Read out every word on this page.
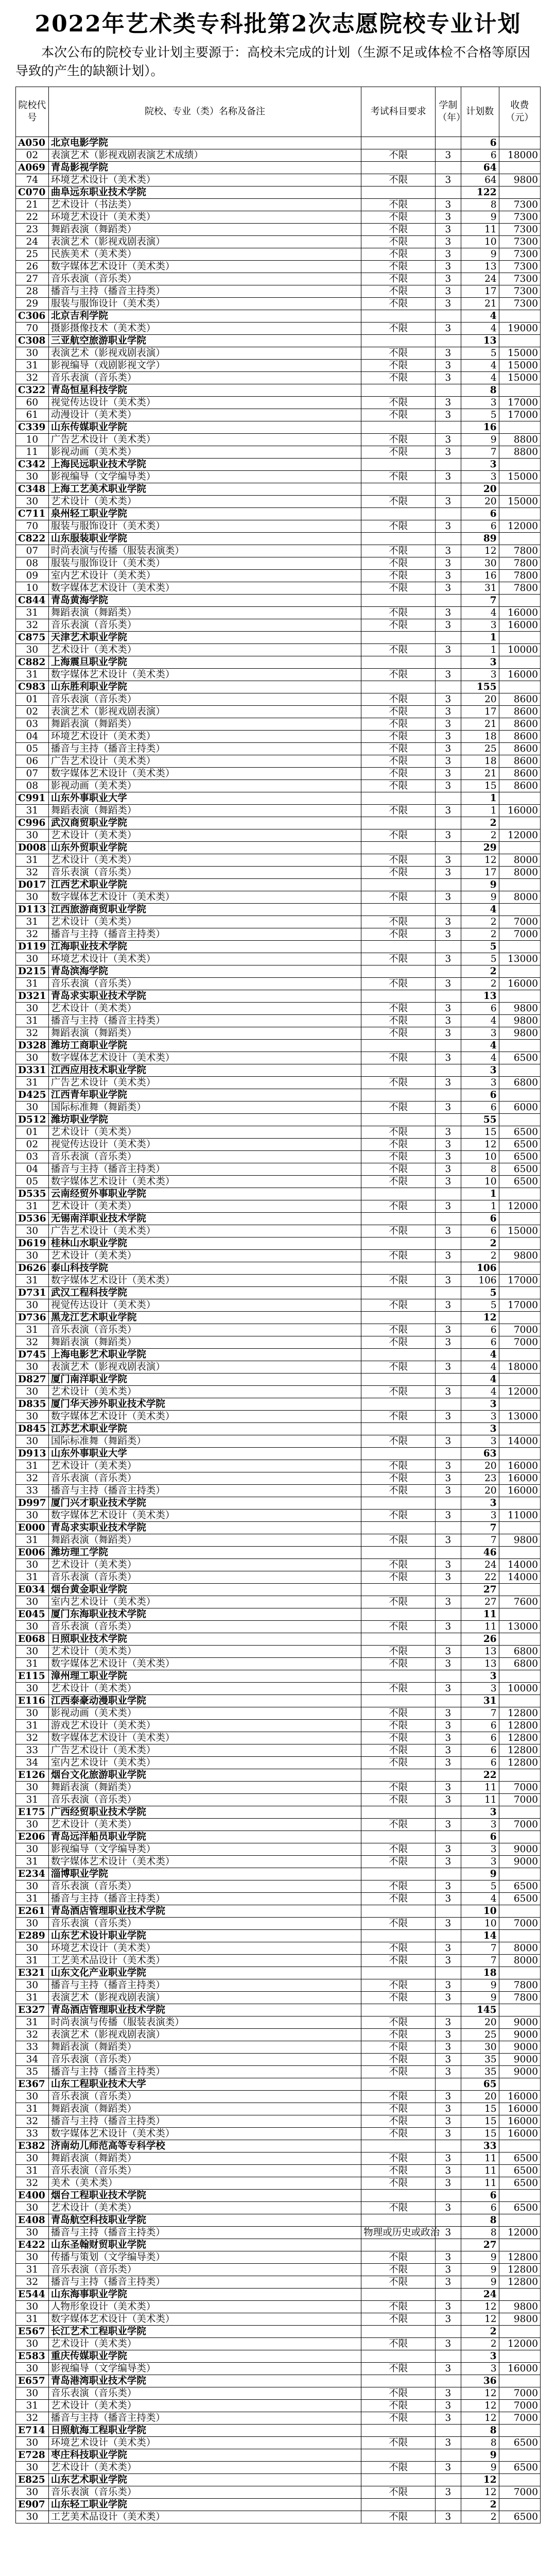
2022年艺术类专科批第2次志愿院校专业计划
本次公布的院校专业计划主要源于：高校未完成的计划（生源不足或体检不合格等原因导致的产生的缺额计划）。
院校代号	院校、专业（类）名称及备注	考试科目要求	学制（年）	计划数	收费（元）
A050	北京电影学院			6	
02	表演艺术（影视戏剧表演艺术成绩）	不限	3	6	18000
A069	青岛影视学院			64	
74	环境艺术设计（美术类）	不限	3	64	9800
C070	曲阜远东职业技术学院			122	
21	艺术设计（书法类）	不限	3	8	7300
22	环境艺术设计（美术类）	不限	3	9	7300
23	舞蹈表演（舞蹈类）	不限	3	11	7300
24	表演艺术（影视戏剧表演）	不限	3	10	7300
25	民族美术（美术类）	不限	3	9	7300
26	数字媒体艺术设计（美术类）	不限	3	13	7300
27	音乐表演（音乐类）	不限	3	24	7300
28	播音与主持（播音主持类）	不限	3	17	7300
29	服装与服饰设计（美术类）	不限	3	21	7300
C306	北京吉利学院			4	
70	摄影摄像技术（美术类）	不限	3	4	19000
C308	三亚航空旅游职业学院			13	
30	表演艺术（影视戏剧表演）	不限	3	5	15000
31	影视编导（戏剧影视文学）	不限	3	4	15000
32	音乐表演（音乐类）	不限	3	4	15000
C322	青岛恒星科技学院			8	
60	视觉传达设计（美术类）	不限	3	3	17000
61	动漫设计（美术类）	不限	3	5	17000
C339	山东传媒职业学院			16	
10	广告艺术设计（美术类）	不限	3	9	8800
11	影视动画（美术类）	不限	3	7	8800
C342	上海民远职业技术学院			3	
30	影视编导（文学编导类）	不限	3	3	15000
C348	上海工艺美术职业学院			20	
30	艺术设计（美术类）	不限	3	20	15000
C711	泉州轻工职业学院			6	
70	服装与服饰设计（美术类）	不限	3	6	12000
C822	山东服装职业学院			89	
07	时尚表演与传播（服装表演类）	不限	3	12	7800
08	服装与服饰设计（美术类）	不限	3	30	7800
09	室内艺术设计（美术类）	不限	3	16	7800
10	数字媒体艺术设计（美术类）	不限	3	31	7800
C844	青岛黄海学院			7	
31	舞蹈表演（舞蹈类）	不限	3	4	16000
32	音乐表演（音乐类）	不限	3	3	16000
C875	天津艺术职业学院			1	
30	艺术设计（美术类）	不限	3	1	10000
C882	上海震旦职业学院			3	
31	数字媒体艺术设计（美术类）	不限	3	3	16000
C983	山东胜利职业学院			155	
01	音乐表演（音乐类）	不限	3	20	8600
02	表演艺术（影视戏剧表演）	不限	3	17	8600
03	舞蹈表演（舞蹈类）	不限	3	21	8600
04	环境艺术设计（美术类）	不限	3	18	8600
05	播音与主持（播音主持类）	不限	3	25	8600
06	广告艺术设计（美术类）	不限	3	18	8600
07	数字媒体艺术设计（美术类）	不限	3	21	8600
08	影视动画（美术类）	不限	3	15	8600
C991	山东外事职业大学			1	
31	舞蹈表演（舞蹈类）	不限	3	1	16000
C996	武汉商贸职业学院			2	
30	艺术设计（美术类）	不限	3	2	12000
D008	山东外贸职业学院			29	
31	艺术设计（美术类）	不限	3	12	8000
32	音乐表演（音乐类）	不限	3	17	8000
D017	江西艺术职业学院			9	
30	数字媒体艺术设计（美术类）	不限	3	9	8000
D113	江西旅游商贸职业学院			4	
31	艺术设计（美术类）	不限	3	2	7000
32	播音与主持（播音主持类）	不限	3	2	7000
D119	江海职业技术学院			5	
30	环境艺术设计（美术类）	不限	3	5	13000
D215	青岛滨海学院			2	
31	音乐表演（音乐类）	不限	3	2	16000
D321	青岛求实职业技术学院			13	
30	艺术设计（美术类）	不限	3	6	9800
31	播音与主持（播音主持类）	不限	3	4	9800
32	舞蹈表演（舞蹈类）	不限	3	3	9800
D328	潍坊工商职业学院			4	
30	数字媒体艺术设计（美术类）	不限	3	4	6500
D331	江西应用技术职业学院			3	
31	广告艺术设计（美术类）	不限	3	3	6800
D425	江西青年职业学院			6	
30	国际标准舞（舞蹈类）	不限	3	6	6000
D512	潍坊职业学院			55	
01	艺术设计（美术类）	不限	3	15	6500
02	视觉传达设计（美术类）	不限	3	12	6500
03	音乐表演（音乐类）	不限	3	10	6500
04	播音与主持（播音主持类）	不限	3	8	6500
05	数字媒体艺术设计（美术类）	不限	3	10	6500
D535	云南经贸外事职业学院			1	
31	艺术设计（美术类）	不限	3	1	12000
D536	无锡南洋职业技术学院			6	
30	广告艺术设计（美术类）	不限	3	6	15000
D619	桂林山水职业学院			2	
30	艺术设计（美术类）	不限	3	2	9800
D626	泰山科技学院			106	
31	数字媒体艺术设计（美术类）	不限	3	106	17000
D731	武汉工程科技学院			5	
30	视觉传达设计（美术类）	不限	3	5	17000
D736	黑龙江艺术职业学院			12	
31	音乐表演（音乐类）	不限	3	6	7000
32	舞蹈表演（舞蹈类）	不限	3	6	7000
D745	上海电影艺术职业学院			4	
30	表演艺术（影视戏剧表演）	不限	3	4	18000
D827	厦门南洋职业学院			4	
30	艺术设计（美术类）	不限	3	4	12000
D835	厦门华天涉外职业技术学院			3	
30	数字媒体艺术设计（美术类）	不限	3	3	13000
D845	江苏艺术职业学院			3	
30	国际标准舞（舞蹈类）	不限	3	3	14000
D913	山东外事职业大学			63	
31	艺术设计（美术类）	不限	3	20	16000
32	音乐表演（音乐类）	不限	3	23	16000
33	播音与主持（播音主持类）	不限	3	20	16000
D997	厦门兴才职业技术学院			3	
30	数字媒体艺术设计（美术类）	不限	3	3	11000
E000	青岛求实职业技术学院			7	
31	舞蹈表演（舞蹈类）	不限	3	7	9800
E006	潍坊理工学院			46	
30	艺术设计（美术类）	不限	3	24	14000
31	音乐表演（音乐类）	不限	3	22	14000
E034	烟台黄金职业学院			27	
30	室内艺术设计（美术类）	不限	3	27	7600
E045	厦门东海职业技术学院			11	
30	音乐表演（音乐类）	不限	3	11	13000
E068	日照职业技术学院			26	
30	艺术设计（美术类）	不限	3	13	6800
31	数字媒体艺术设计（美术类）	不限	3	13	6800
E115	漳州理工职业学院			3	
30	艺术设计（美术类）	不限	3	3	10000
E116	江西泰豪动漫职业学院			31	
30	影视动画（美术类）	不限	3	7	12800
31	游戏艺术设计（美术类）	不限	3	6	12800
32	数字媒体艺术设计（美术类）	不限	3	6	12800
33	广告艺术设计（美术类）	不限	3	6	12800
34	室内艺术设计（美术类）	不限	3	6	12800
E126	烟台文化旅游职业学院			22	
30	舞蹈表演（舞蹈类）	不限	3	11	7000
31	音乐表演（音乐类）	不限	3	11	7000
E175	广西经贸职业技术学院			3	
30	艺术设计（美术类）	不限	3	3	7000
E206	青岛远洋船员职业学院			6	
30	影视编导（文学编导类）	不限	3	3	9000
31	数字媒体艺术设计（美术类）	不限	3	3	9000
E234	淄博职业学院			9	
30	音乐表演（音乐类）	不限	3	5	6500
31	播音与主持（播音主持类）	不限	3	4	6500
E261	青岛酒店管理职业技术学院			10	
30	音乐表演（音乐类）	不限	3	10	7000
E289	山东艺术设计职业学院			14	
30	环境艺术设计（美术类）	不限	3	7	8000
31	工艺美术品设计（美术类）	不限	3	7	8000
E321	山东文化产业职业学院			18	
30	播音与主持（播音主持类）	不限	3	9	7800
31	表演艺术（影视戏剧表演）	不限	3	9	7800
E327	青岛酒店管理职业技术学院			145	
31	时尚表演与传播（服装表演类）	不限	3	20	9000
32	表演艺术（影视戏剧表演）	不限	3	25	9000
33	舞蹈表演（舞蹈类）	不限	3	30	9000
34	音乐表演（音乐类）	不限	3	35	9000
35	播音与主持（播音主持类）	不限	3	35	9000
E367	山东工程职业技术大学			65	
30	音乐表演（音乐类）	不限	3	20	16000
31	舞蹈表演（舞蹈类）	不限	3	15	16000
32	播音与主持（播音主持类）	不限	3	15	16000
33	数字媒体艺术设计（美术类）	不限	3	15	16000
E382	济南幼儿师范高等专科学校			33	
30	舞蹈表演（舞蹈类）	不限	3	11	6500
31	音乐表演（音乐类）	不限	3	11	6500
32	美术（美术类）	不限	3	11	6500
E400	烟台工程职业技术学院			6	
30	艺术设计（美术类）	不限	3	6	6500
E408	青岛航空科技职业学院			8	
30	播音与主持（播音主持类）	物理或历史或政治	3	8	12000
E422	山东圣翰财贸职业学院			27	
30	传播与策划（文学编导类）	不限	3	9	12800
31	音乐表演（音乐类）	不限	3	9	12800
32	播音与主持（播音主持类）	不限	3	9	12800
E544	山东海事职业学院			24	
30	人物形象设计（美术类）	不限	3	12	9800
31	数字媒体艺术设计（美术类）	不限	3	12	9800
E567	长江艺术工程职业学院			2	
30	艺术设计（美术类）	不限	3	2	12000
E583	重庆传媒职业学院			3	
30	影视编导（文学编导类）	不限	3	3	16000
E657	青岛港湾职业技术学院			36	
30	音乐表演（音乐类）	不限	3	12	7000
31	艺术设计（美术类）	不限	3	12	7000
32	播音与主持（播音主持类）	不限	3	12	7000
E714	日照航海工程职业学院			8	
30	环境艺术设计（美术类）	不限	3	8	6500
E728	枣庄科技职业学院			9	
30	艺术设计（美术类）	不限	3	9	6500
E825	山东艺术职业学院			12	
30	音乐表演（音乐类）	不限	3	12	7000
E907	山东轻工职业学院			2	
30	工艺美术品设计（美术类）	不限	3	2	6500
